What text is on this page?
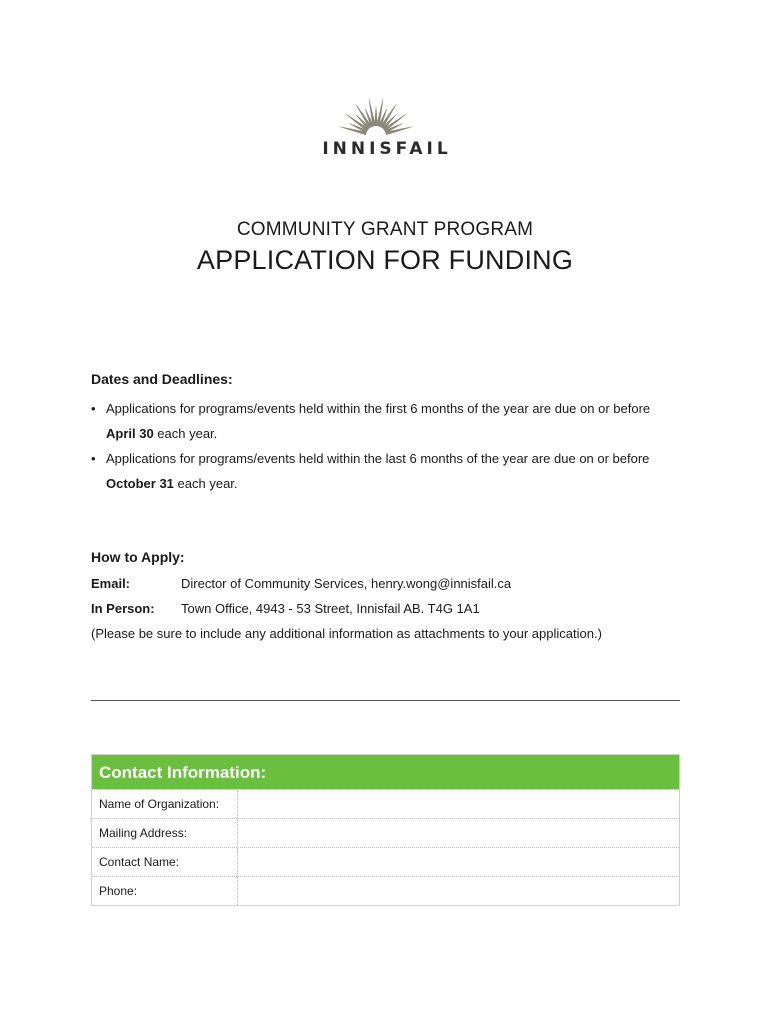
INNISFAIL
COMMUNITY GRANT PROGRAM
APPLICATION FOR FUNDING
Dates and Deadlines:
• Applications for programs/events held within the first 6 months of the year are due on or before April 30 each year.
• Applications for programs/events held within the last 6 months of the year are due on or before October 31 each year.
How to Apply:
Email:	Director of Community Services, henry.wong@innisfail.ca
In Person: Town Office, 4943 - 53 Street, Innisfail AB. T4G 1A1
(Please be sure to include any additional information as attachments to your application.)
Contact Information:
Name of Organization:
Mailing Address:
Contact Name:
Phone:
